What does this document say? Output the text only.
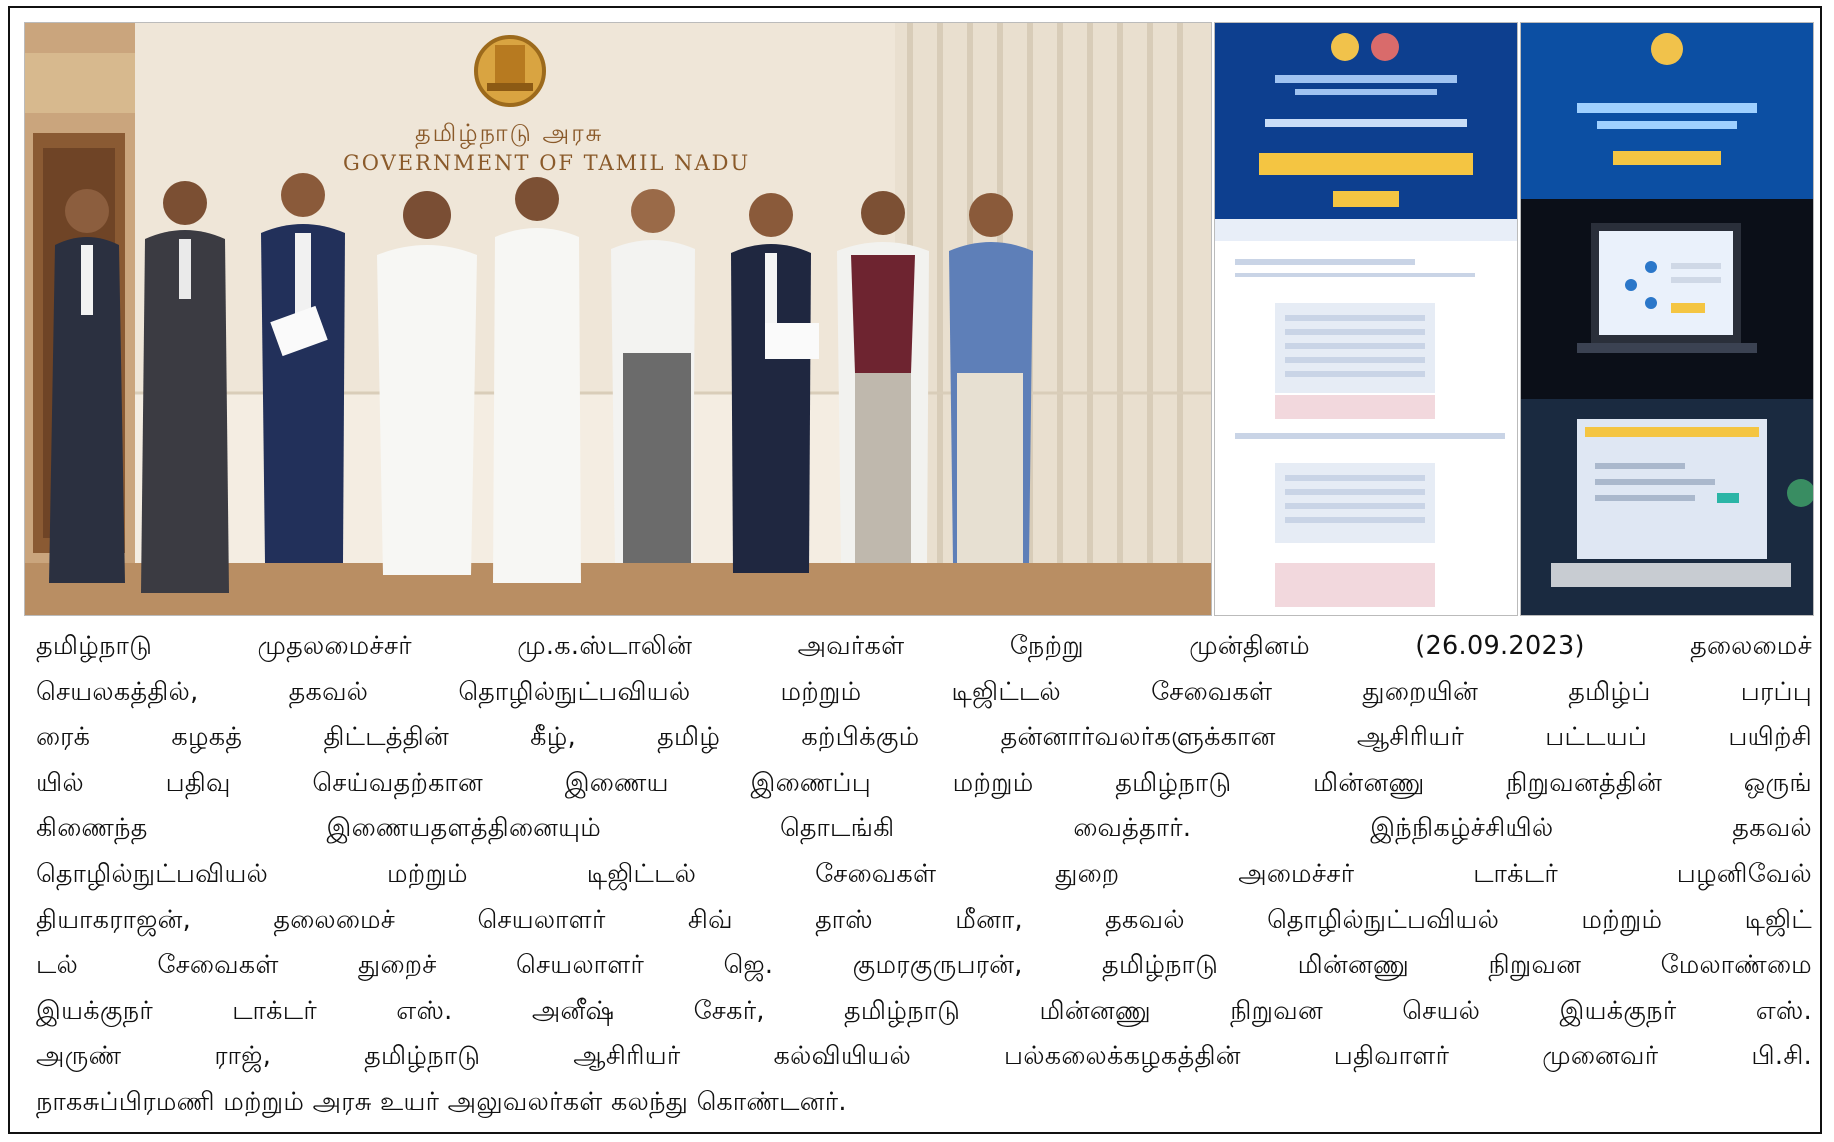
தமிழ்நாடு அரசு
GOVERNMENT OF TAMIL NADU
தமிழ்நாடு முதலமைச்சர் மு.க.ஸ்டாலின் அவர்கள் நேற்று முன்தினம் (26.09.2023) தலைமைச்
செயலகத்தில், தகவல் தொழில்நுட்பவியல் மற்றும் டிஜிட்டல் சேவைகள் துறையின் தமிழ்ப் பரப்பு
ரைக் கழகத் திட்டத்தின் கீழ், தமிழ் கற்பிக்கும் தன்னார்வலர்களுக்கான ஆசிரியர் பட்டயப் பயிற்சி
யில் பதிவு செய்வதற்கான இணைய இணைப்பு மற்றும் தமிழ்நாடு மின்னணு நிறுவனத்தின் ஒருங்
கிணைந்த இணையதளத்தினையும் தொடங்கி வைத்தார். இந்நிகழ்ச்சியில் தகவல்
தொழில்நுட்பவியல் மற்றும் டிஜிட்டல் சேவைகள் துறை அமைச்சர் டாக்டர் பழனிவேல்
தியாகராஜன், தலைமைச் செயலாளர் சிவ் தாஸ் மீனா, தகவல் தொழில்நுட்பவியல் மற்றும் டிஜிட்
டல் சேவைகள் துறைச் செயலாளர் ஜெ. குமரகுருபரன், தமிழ்நாடு மின்னணு நிறுவன மேலாண்மை
இயக்குநர் டாக்டர் எஸ். அனீஷ் சேகர், தமிழ்நாடு மின்னணு நிறுவன செயல் இயக்குநர் எஸ்.
அருண் ராஜ், தமிழ்நாடு ஆசிரியர் கல்வியியல் பல்கலைக்கழகத்தின் பதிவாளர் முனைவர் பி.சி.
நாகசுப்பிரமணி மற்றும் அரசு உயர் அலுவலர்கள் கலந்து கொண்டனர்.
